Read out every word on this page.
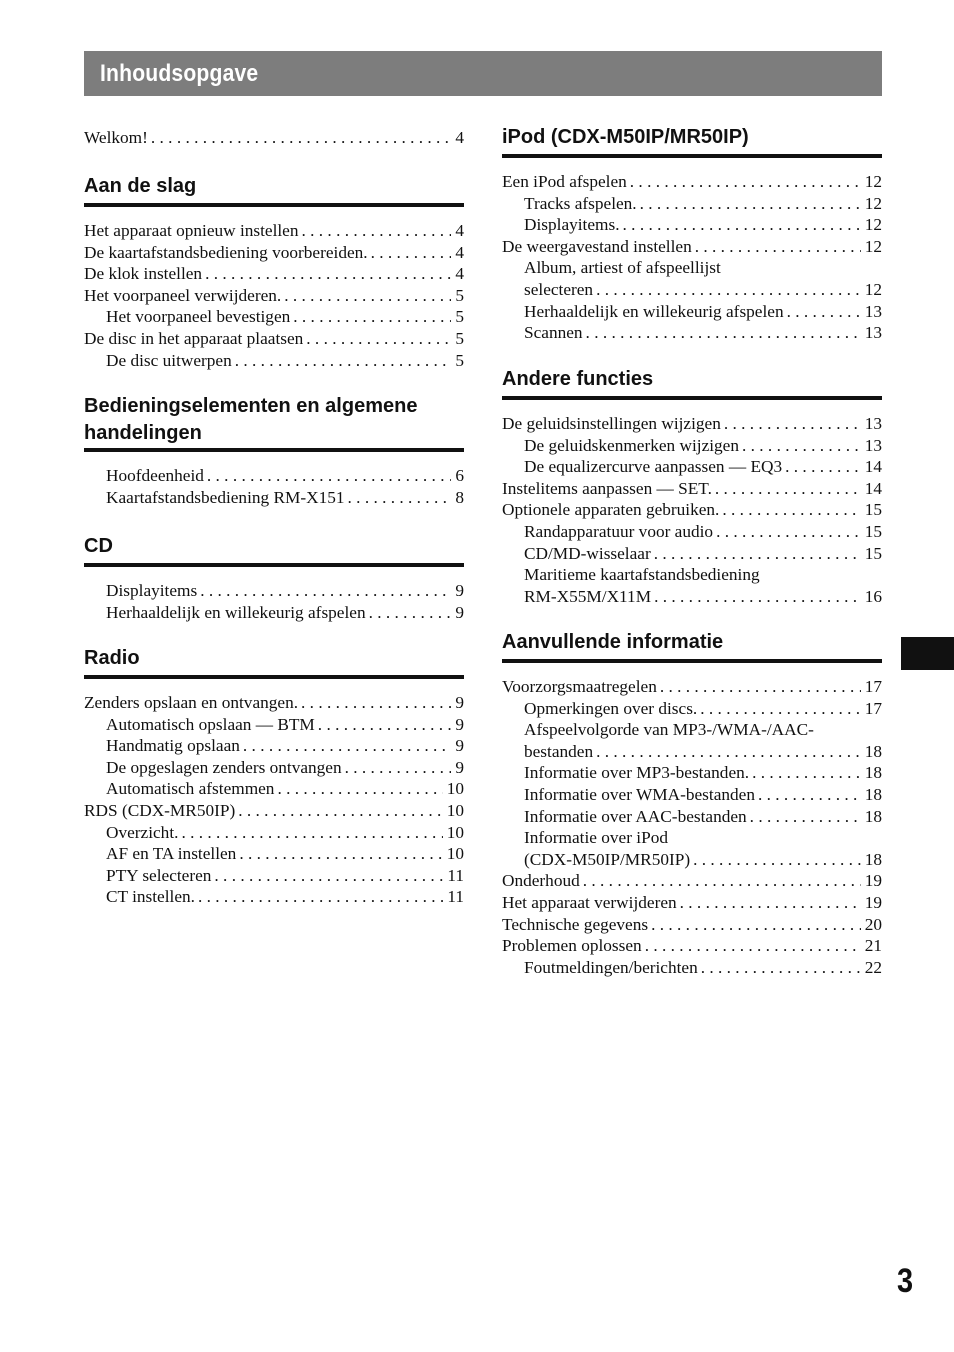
Inhoudsopgave
Welkom! . . .	4
Aan de slag
Het apparaat opnieuw instellen . . .	4
De kaartafstandsbediening voorbereiden. . . .	4
De klok instellen . . .	4
Het voorpaneel verwijderen. . . .	5
Het voorpaneel bevestigen . . .	5
De disc in het apparaat plaatsen . . .	5
De disc uitwerpen . . .	5
Bedieningselementen en algemene
handelingen
Hoofdeenheid . . .	6
Kaartafstandsbediening RM-X151 . . .	8
CD
Displayitems . . .	9
Herhaaldelijk en willekeurig afspelen . . .	9
Radio
Zenders opslaan en ontvangen. . . .	9
Automatisch opslaan — BTM . . .	9
Handmatig opslaan . . .	9
De opgeslagen zenders ontvangen . . .	9
Automatisch afstemmen . . .	10
RDS (CDX-MR50IP) . . .	10
Overzicht. . . .	10
AF en TA instellen . . .	10
PTY selecteren . . .	11
CT instellen. . . .	11
iPod (CDX-M50IP/MR50IP)
Een iPod afspelen . . .	12
Tracks afspelen. . . .	12
Displayitems. . . .	12
De weergavestand instellen . . .	12
Album, artiest of afspeellijst
selecteren . . .	12
Herhaaldelijk en willekeurig afspelen . . .	13
Scannen . . .	13
Andere functies
De geluidsinstellingen wijzigen . . .	13
De geluidskenmerken wijzigen . . .	13
De equalizercurve aanpassen — EQ3 . . .	14
Instelitems aanpassen — SET. . . .	14
Optionele apparaten gebruiken. . . .	15
Randapparatuur voor audio . . .	15
CD/MD-wisselaar . . .	15
Maritieme kaartafstandsbediening
RM-X55M/X11M . . .	16
Aanvullende informatie
Voorzorgsmaatregelen . . .	17
Opmerkingen over discs. . . .	17
Afspeelvolgorde van MP3-/WMA-/AAC-
bestanden . . .	18
Informatie over MP3-bestanden. . . .	18
Informatie over WMA-bestanden . . .	18
Informatie over AAC-bestanden . . .	18
Informatie over iPod
(CDX-M50IP/MR50IP) . . .	18
Onderhoud . . .	19
Het apparaat verwijderen . . .	19
Technische gegevens . . .	20
Problemen oplossen . . .	21
Foutmeldingen/berichten . . .	22
3
